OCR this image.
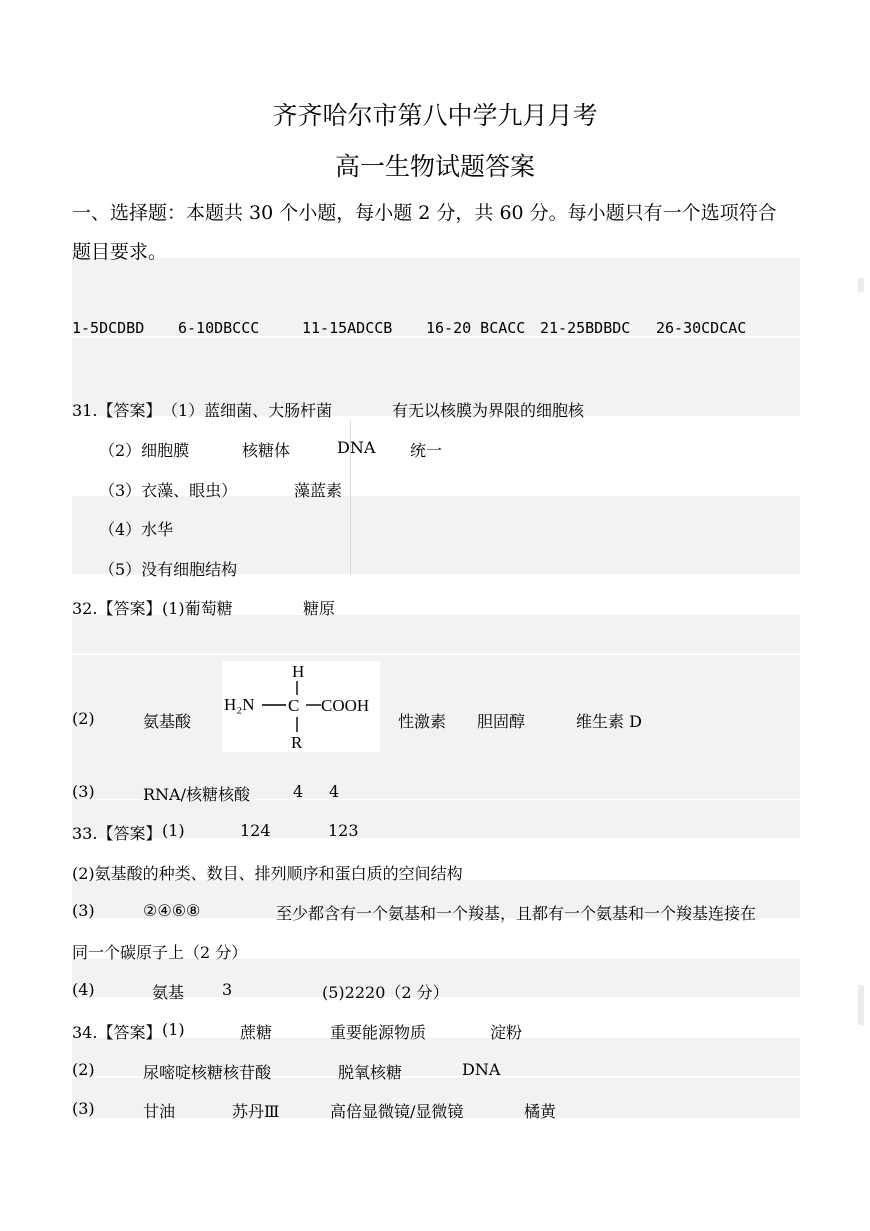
齐齐哈尔市第八中学九月月考
高一生物试题答案
一、选择题：本题共 30 个小题，每小题 2 分，共 60 分。每小题只有一个选项符合
题目要求。
1-5DCDBD 6-10DBCCC	11-15ADCCB 16-20 BCACC 21-25BDBDC 26-30CDCAC
31.【答案】 （1）蓝细菌、大肠杆菌	有无以核膜为界限的细胞核
（2）细胞膜	核糖体	DNA 统一
（3）衣藻、眼虫）	藻蓝素
（4）水华
（5）没有细胞结构
32.【答案】 (1)葡萄糖	糖原
(2)	氨基酸
H
H₂N C COOH
R
性激素 胆固醇	维生素 D
(3)	RNA/核糖核酸	4 4
33.【答案】 (1)	124	123
(2)氨基酸的种类、数目、排列顺序和蛋白质的空间结构
(3)	②④⑥⑧	至少都含有一个氨基和一个羧基，且都有一个氨基和一个羧基连接在
同一个碳原子上（2 分）
(4)	氨基 3	(5)2220（2 分）
34.【答案】 (1)	蔗糖	重要能源物质	淀粉
(2)	尿嘧啶核糖核苷酸	脱氧核糖	DNA
(3)	甘油	苏丹Ⅲ	高倍显微镜/显微镜	橘黄
